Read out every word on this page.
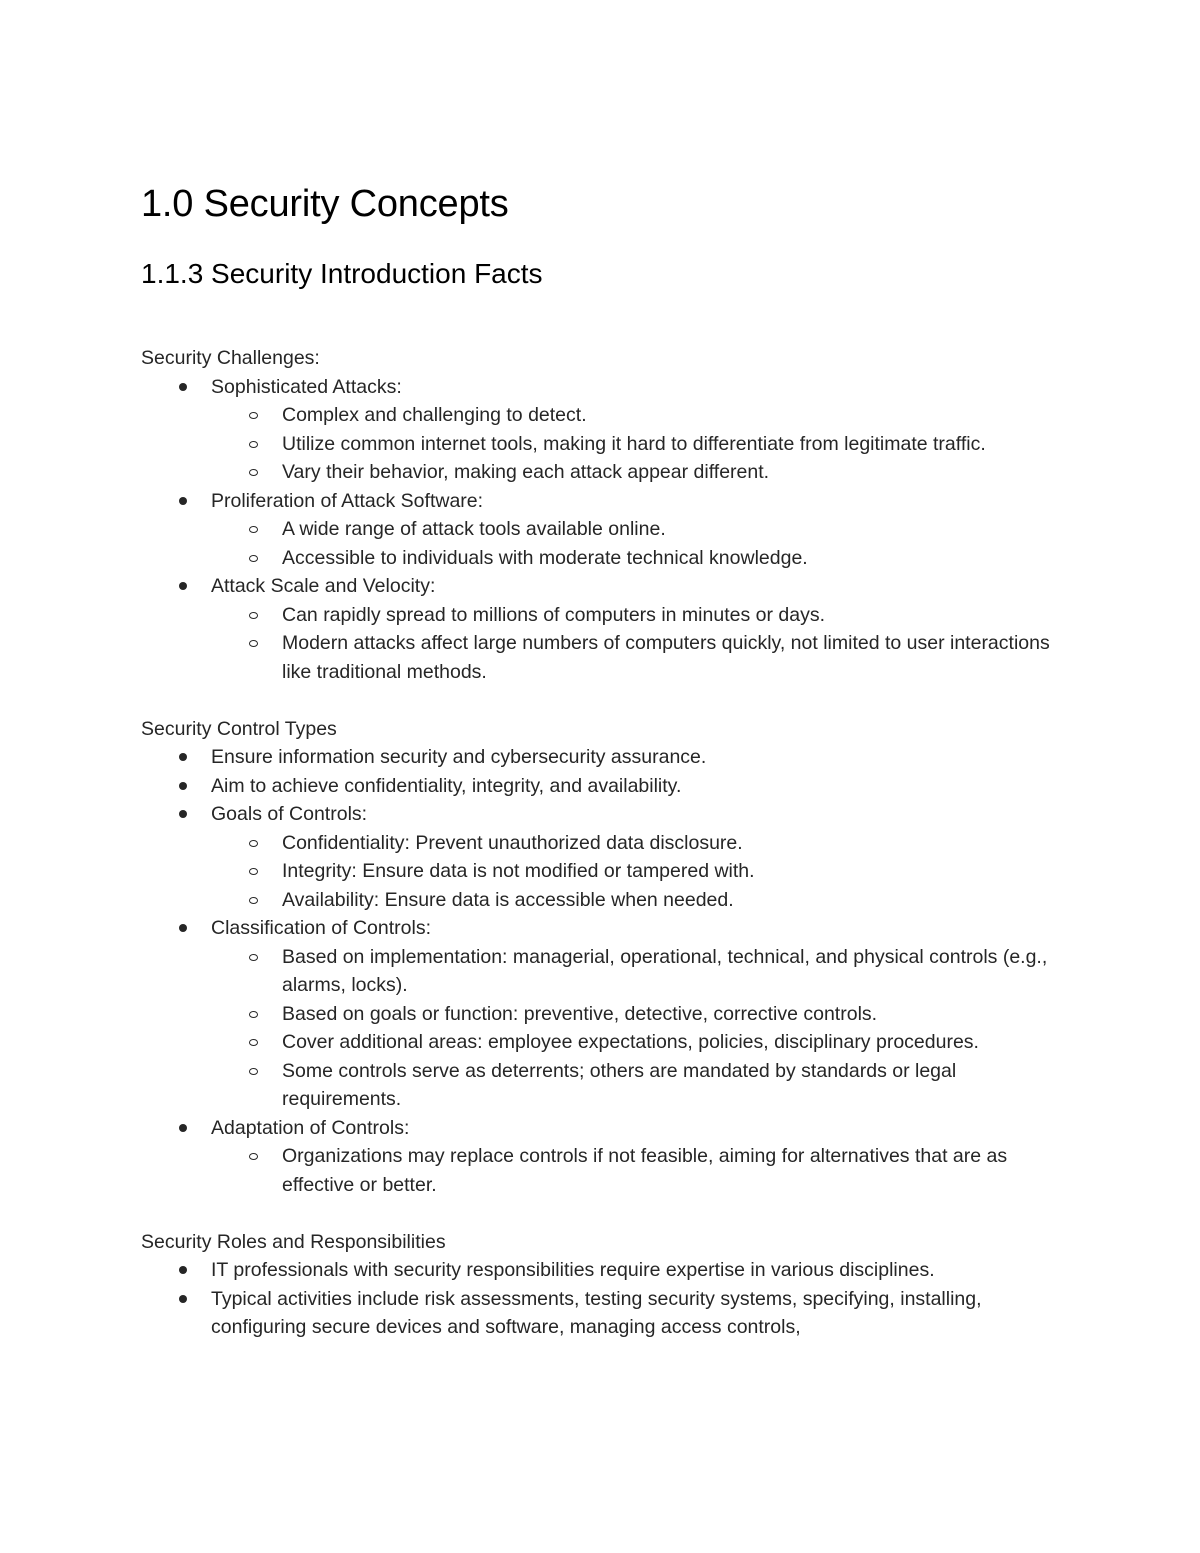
1.0 Security Concepts
1.1.3 Security Introduction Facts

Security Challenges:

Sophisticated Attacks:
Complex and challenging to detect.
Utilize common internet tools, making it hard to differentiate from legitimate traffic.
Vary their behavior, making each attack appear different.
Proliferation of Attack Software:
A wide range of attack tools available online.
Accessible to individuals with moderate technical knowledge.
Attack Scale and Velocity:
Can rapidly spread to millions of computers in minutes or days.
Modern attacks affect large numbers of computers quickly, not limited to user interactions like traditional methods.

Security Control Types

Ensure information security and cybersecurity assurance.
Aim to achieve confidentiality, integrity, and availability.
Goals of Controls:
Confidentiality: Prevent unauthorized data disclosure.
Integrity: Ensure data is not modified or tampered with.
Availability: Ensure data is accessible when needed.
Classification of Controls:
Based on implementation: managerial, operational, technical, and physical controls (e.g., alarms, locks).
Based on goals or function: preventive, detective, corrective controls.
Cover additional areas: employee expectations, policies, disciplinary procedures.
Some controls serve as deterrents; others are mandated by standards or legal requirements.
Adaptation of Controls:
Organizations may replace controls if not feasible, aiming for alternatives that are as effective or better.

Security Roles and Responsibilities

IT professionals with security responsibilities require expertise in various disciplines.
Typical activities include risk assessments, testing security systems, specifying, installing, configuring secure devices and software, managing access controls,
